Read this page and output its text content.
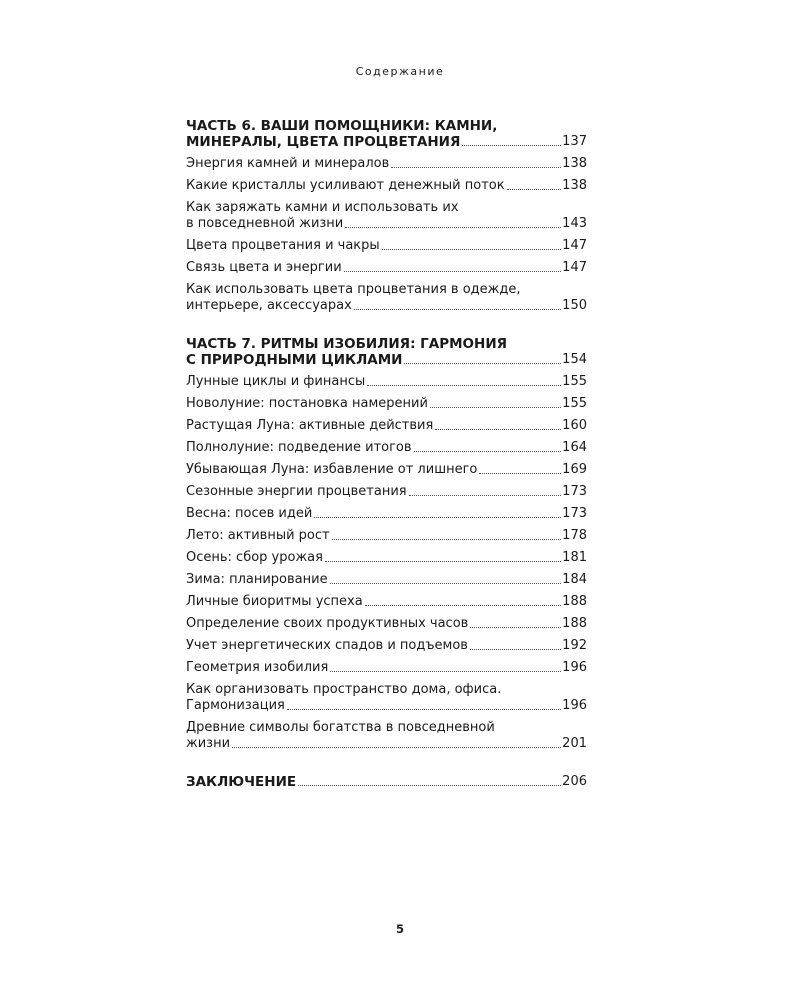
Содержание
ЧАСТЬ 6. ВАШИ ПОМОЩНИКИ: КАМНИ,
МИНЕРАЛЫ, ЦВЕТА ПРОЦВЕТАНИЯ	137
Энергия камней и минералов	138
Какие кристаллы усиливают денежный поток	138
Как заряжать камни и использовать их
в повседневной жизни	143
Цвета процветания и чакры	147
Связь цвета и энергии	147
Как использовать цвета процветания в одежде,
интерьере, аксессуарах	150
ЧАСТЬ 7. РИТМЫ ИЗОБИЛИЯ: ГАРМОНИЯ
С ПРИРОДНЫМИ ЦИКЛАМИ	154
Лунные циклы и финансы	155
Новолуние: постановка намерений	155
Растущая Луна: активные действия	160
Полнолуние: подведение итогов	164
Убывающая Луна: избавление от лишнего	169
Сезонные энергии процветания	173
Весна: посев идей	173
Лето: активный рост	178
Осень: сбор урожая	181
Зима: планирование	184
Личные биоритмы успеха	188
Определение своих продуктивных часов	188
Учет энергетических спадов и подъемов	192
Геометрия изобилия	196
Как организовать пространство дома, офиса.
Гармонизация	196
Древние символы богатства в повседневной
жизни	201
ЗАКЛЮЧЕНИЕ	206
5
